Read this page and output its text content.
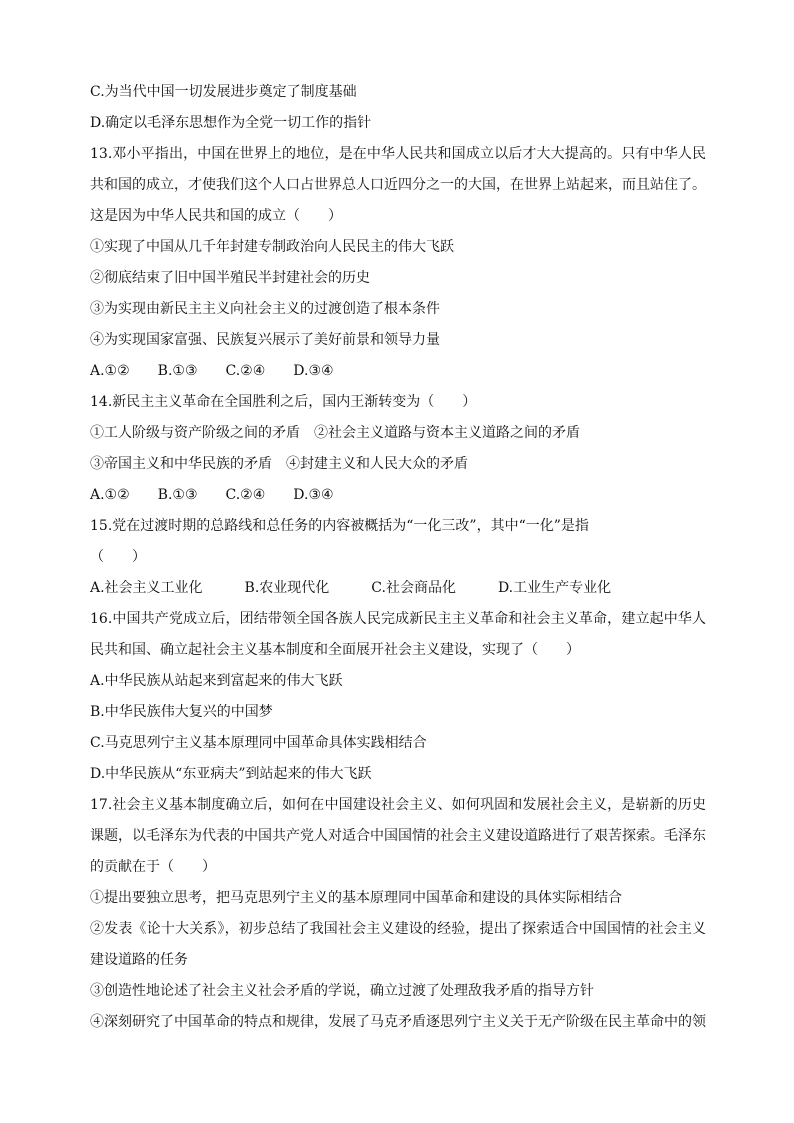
C.为当代中国一切发展进步奠定了制度基础
D.确定以毛泽东思想作为全党一切工作的指针
13.邓小平指出，中国在世界上的地位，是在中华人民共和国成立以后才大大提高的。只有中华人民
共和国的成立，才使我们这个人口占世界总人口近四分之一的大国，在世界上站起来，而且站住了。
这是因为中华人民共和国的成立（　　）
①实现了中国从几千年封建专制政治向人民民主的伟大飞跃
②彻底结束了旧中国半殖民半封建社会的历史
③为实现由新民主主义向社会主义的过渡创造了根本条件
④为实现国家富强、民族复兴展示了美好前景和领导力量
A.①②　　B.①③　　C.②④　　D.③④
14.新民主主义革命在全国胜利之后，国内王渐转变为（　　）
①工人阶级与资产阶级之间的矛盾　②社会主义道路与资本主义道路之间的矛盾
③帝国主义和中华民族的矛盾　④封建主义和人民大众的矛盾
A.①②　　B.①③　　C.②④　　D.③④
15.党在过渡时期的总路线和总任务的内容被概括为“一化三改”，其中“一化”是指
（　　）
A.社会主义工业化　　　B.农业现代化　　　C.社会商品化　　　D.工业生产专业化
16.中国共产党成立后，团结带领全国各族人民完成新民主主义革命和社会主义革命，建立起中华人
民共和国、确立起社会主义基本制度和全面展开社会主义建设，实现了（　　）
A.中华民族从站起来到富起来的伟大飞跃
B.中华民族伟大复兴的中国梦
C.马克思列宁主义基本原理同中国革命具体实践相结合
D.中华民族从“东亚病夫”到站起来的伟大飞跃
17.社会主义基本制度确立后，如何在中国建设社会主义、如何巩固和发展社会主义，是崭新的历史
课题，以毛泽东为代表的中国共产党人对适合中国国情的社会主义建设道路进行了艰苦探索。毛泽东
的贡献在于（　　）
①提出要独立思考，把马克思列宁主义的基本原理同中国革命和建设的具体实际相结合
②发表《论十大关系》，初步总结了我国社会主义建设的经验，提出了探索适合中国国情的社会主义
建设道路的任务
③创造性地论述了社会主义社会矛盾的学说，确立过渡了处理敌我矛盾的指导方针
④深刻研究了中国革命的特点和规律，发展了马克矛盾逐思列宁主义关于无产阶级在民主革命中的领
